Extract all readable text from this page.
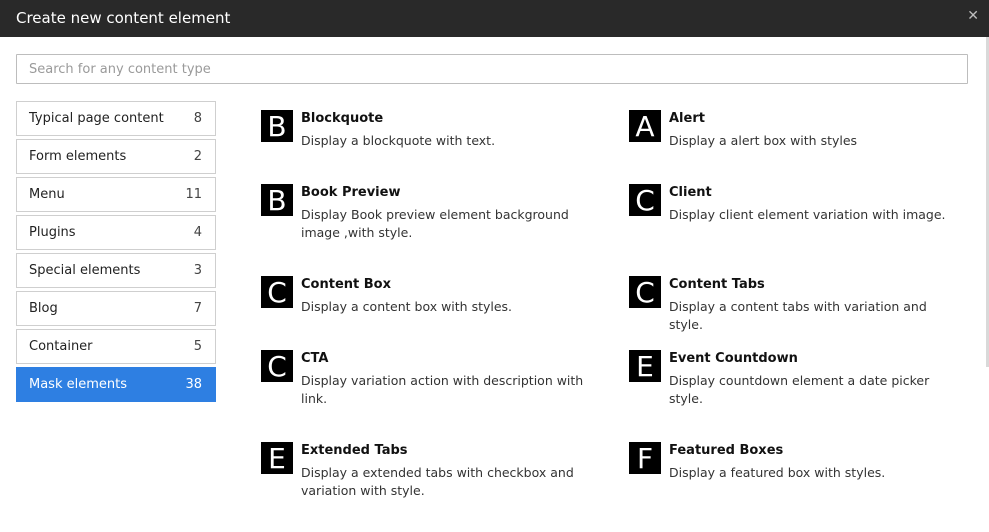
Create new content element	✕
Search for any content type
Typical page content 8
Form elements	2
Menu	11
Plugins	4
Special elements	3
Blog	7
Container	5
Mask elements	38
B	Blockquote
Display a blockquote with text.	A	Alert
Display a alert box with styles
B	Book Preview
Display Book preview element background image ,with style.
C	Client
Display client element variation with image.
C	Content Box
Display a content box with styles.	C	Content Tabs
Display a content tabs with variation and style.
C	CTA
Display variation action with description with link.
E	Event Countdown
Display countdown element a date picker style.
E	Extended Tabs
Display a extended tabs with checkbox and variation with style.
F	Featured Boxes
Display a featured box with styles.
